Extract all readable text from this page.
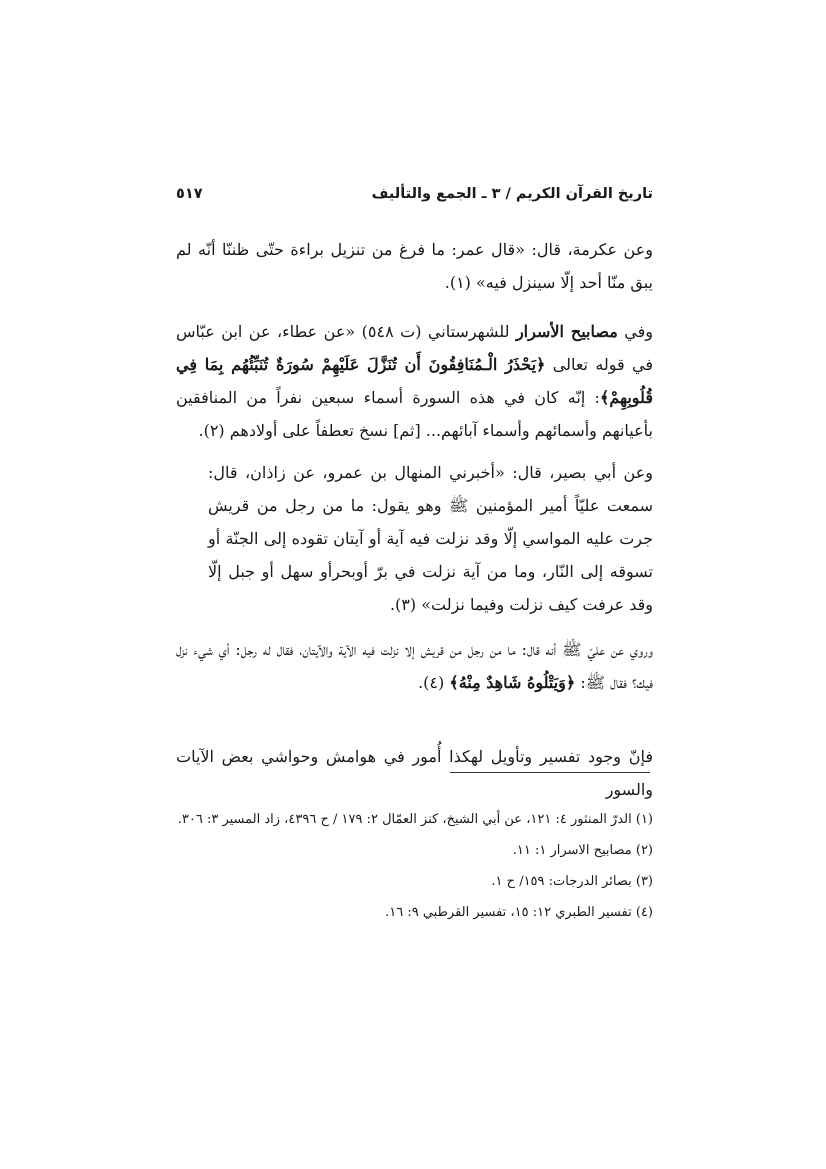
تاريخ القرآن الكريم / ٣ ـ الجمع والتأليف
٥١٧

وعن عكرمة، قال: «قال عمر: ما فرغ من تنزيل براءة حتّى ظننّا أنّه لم يبق منّا أحد إلّا سينزل فيه» (١).

وفي مصابيح الأسرار للشهرستاني (ت ٥٤٨) «عن عطاء، عن ابن عبّاس في قوله تعالى ﴿يَحْذَرُ الْـمُنَافِقُونَ أَن تُنَزَّلَ عَلَيْهِمْ سُورَةٌ تُنَبِّئُهُم بِمَا فِي قُلُوبِهِمْ﴾: إنّه كان في هذه السورة أسماء سبعين نفراً من المنافقين بأعيانهم وأسمائهم وأسماء آبائهم... [ثم] نسخ تعطفاً على أولادهم (٢).

وعن أبي بصير، قال: «أخبرني المنهال بن عمرو، عن زاذان، قال: سمعت عليّاً أمير المؤمنين ﷺ وهو يقول: ما من رجل من قريش جرت عليه المواسي إلّا وقد نزلت فيه آية أو آيتان تقوده إلى الجنّة أو تسوقه إلى النّار، وما من آية نزلت في برّ أوبحرأو سهل أو جبل إلّا وقد عرفت كيف نزلت وفيما نزلت» (٣).

وروي عن عليّ ﷺ أنه قال: ما من رجل من قريش إلا نزلت فيه الآية والآيتان، فقال له رجل: أي شيء نزل فيك؟ فقال ﷺ: ﴿وَيَتْلُوهُ شَاهِدٌ مِنْهُ﴾ (٤).

فإنّ وجود تفسير وتأويل لهكذا أُمور في هوامش وحواشي بعض الآيات والسور

(١) الدرّ المنثور ٤: ١٢١، عن أبي الشيخ، كنز العمّال ٢: ١٧٩ / ح ٤٣٩٦، زاد المسير ٣: ٣٠٦.

(٢) مصابيح الاسرار ١: ١١.

(٣) بصائر الدرجات: ١٥٩/ ح ١.

(٤) تفسير الطبري ١٢: ١٥، تفسير القرطبي ٩: ١٦.
